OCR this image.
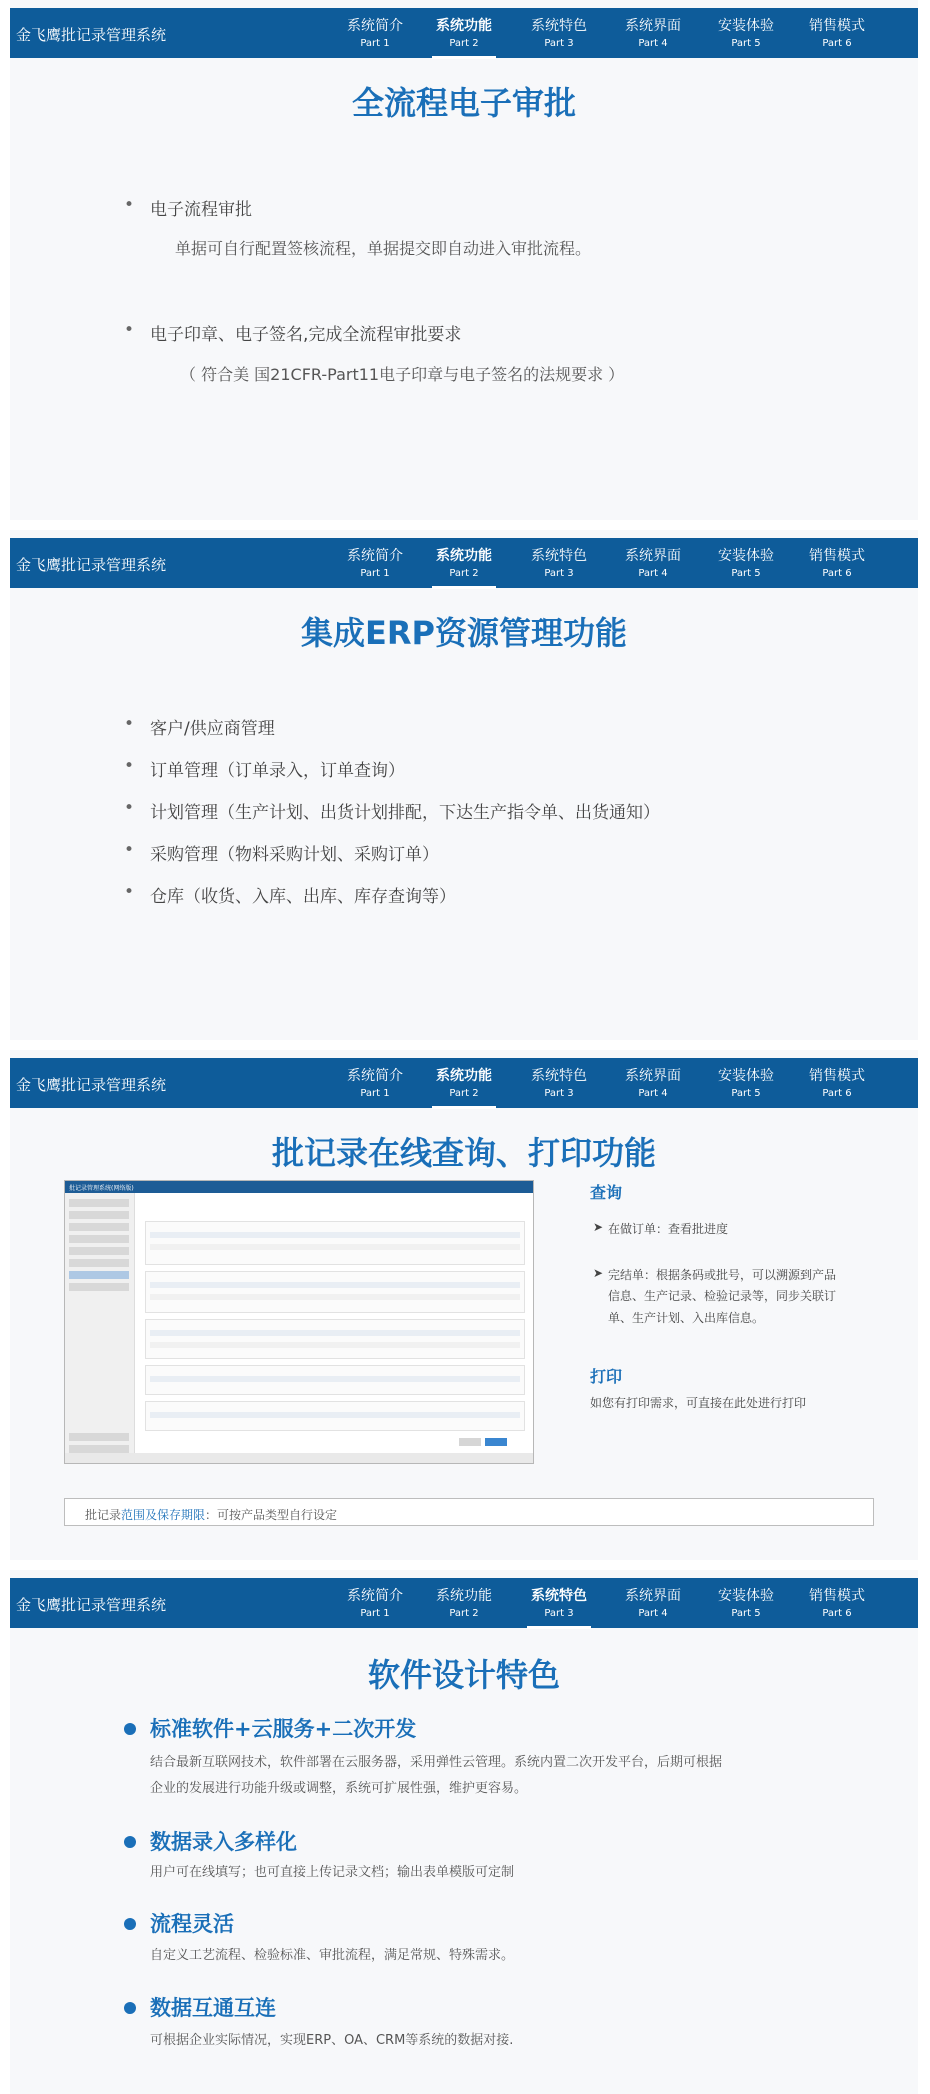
金飞鹰批记录管理系统	系统简介
Part 1
系统功能
Part 2
系统特色
Part 3
系统界面
Part 4
安装体验
Part 5
销售模式
Part 6
全流程电子审批
• 电子流程审批
单据可自行配置签核流程，单据提交即自动进入审批流程。
• 电子印章、电子签名,完成全流程审批要求
（ 符合美 国21CFR-Part11电子印章与电子签名的法规要求 ）
金飞鹰批记录管理系统	系统简介
Part 1
系统功能
Part 2
系统特色
Part 3
系统界面
Part 4
安装体验
Part 5
销售模式
Part 6
集成ERP资源管理功能
• 客户/供应商管理
• 订单管理（订单录入，订单查询）
• 计划管理（生产计划、出货计划排配，下达生产指令单、出货通知）
• 采购管理（物料采购计划、采购订单）
• 仓库（收货、入库、出库、库存查询等）
金飞鹰批记录管理系统	系统简介
Part 1
系统功能
Part 2
系统特色
Part 3
系统界面
Part 4
安装体验
Part 5
销售模式
Part 6
批记录在线查询、打印功能
批记录管理系统(网络版)	查询
➤ 在做订单：查看批进度
➤ 完结单：根据条码或批号，可以溯源到产品
信息、生产记录、检验记录等，同步关联订
单、生产计划、入出库信息。
打印
如您有打印需求，可直接在此处进行打印
批记录范围及保存期限：可按产品类型自行设定
金飞鹰批记录管理系统	系统简介
Part 1
系统功能
Part 2
系统特色
Part 3
系统界面
Part 4
安装体验
Part 5
销售模式
Part 6
软件设计特色
标准软件+云服务+二次开发
结合最新互联网技术，软件部署在云服务器，采用弹性云管理。系统内置二次开发平台，后期可根据
企业的发展进行功能升级或调整，系统可扩展性强，维护更容易。
数据录入多样化
用户可在线填写；也可直接上传记录文档；输出表单模版可定制
流程灵活
自定义工艺流程、检验标准、审批流程，满足常规、特殊需求。
数据互通互连
可根据企业实际情况，实现ERP、OA、CRM等系统的数据对接.
